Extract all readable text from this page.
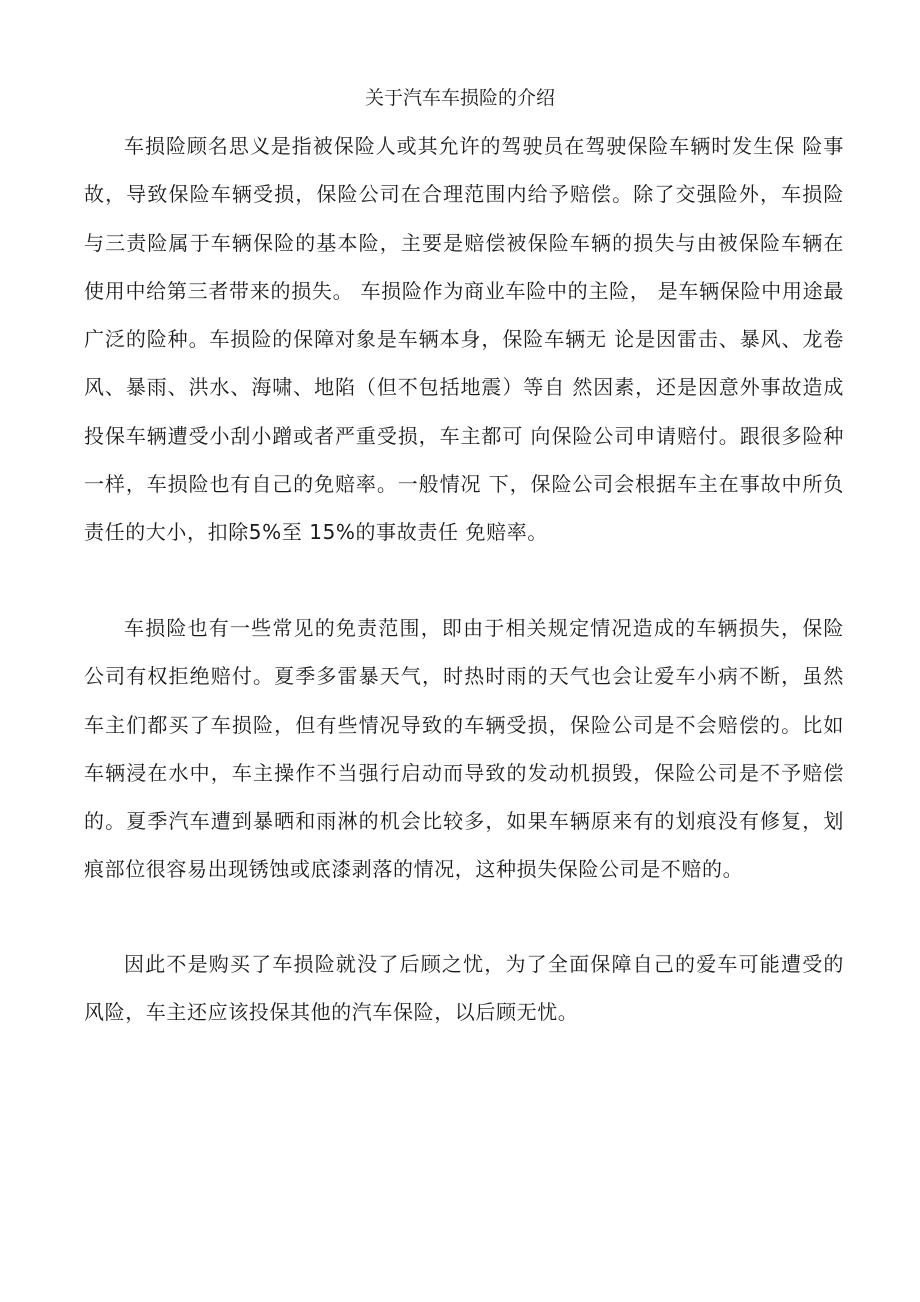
关于汽车车损险的介绍

车损险顾名思义是指被保险人或其允许的驾驶员在驾驶保险车辆时发生保 险事故，导致保险车辆受损，保险公司在合理范围内给予赔偿。除了交强险外，车损险与三责险属于车辆保险的基本险，主要是赔偿被保险车辆的损失与由被保险车辆在使用中给第三者带来的损失。 车损险作为商业车险中的主险， 是车辆保险中用途最广泛的险种。车损险的保障对象是车辆本身，保险车辆无 论是因雷击、暴风、龙卷风、暴雨、洪水、海啸、地陷（但不包括地震）等自 然因素，还是因意外事故造成投保车辆遭受小刮小蹭或者严重受损，车主都可 向保险公司申请赔付。跟很多险种一样，车损险也有自己的免赔率。一般情况 下，保险公司会根据车主在事故中所负责任的大小，扣除5%至 15%的事故责任 免赔率。

车损险也有一些常见的免责范围，即由于相关规定情况造成的车辆损失，保险公司有权拒绝赔付。夏季多雷暴天气，时热时雨的天气也会让爱车小病不断，虽然车主们都买了车损险，但有些情况导致的车辆受损，保险公司是不会赔偿的。比如车辆浸在水中，车主操作不当强行启动而导致的发动机损毁，保险公司是不予赔偿的。夏季汽车遭到暴晒和雨淋的机会比较多，如果车辆原来有的划痕没有修复，划痕部位很容易出现锈蚀或底漆剥落的情况，这种损失保险公司是不赔的。

因此不是购买了车损险就没了后顾之忧，为了全面保障自己的爱车可能遭受的风险，车主还应该投保其他的汽车保险，以后顾无忧。
